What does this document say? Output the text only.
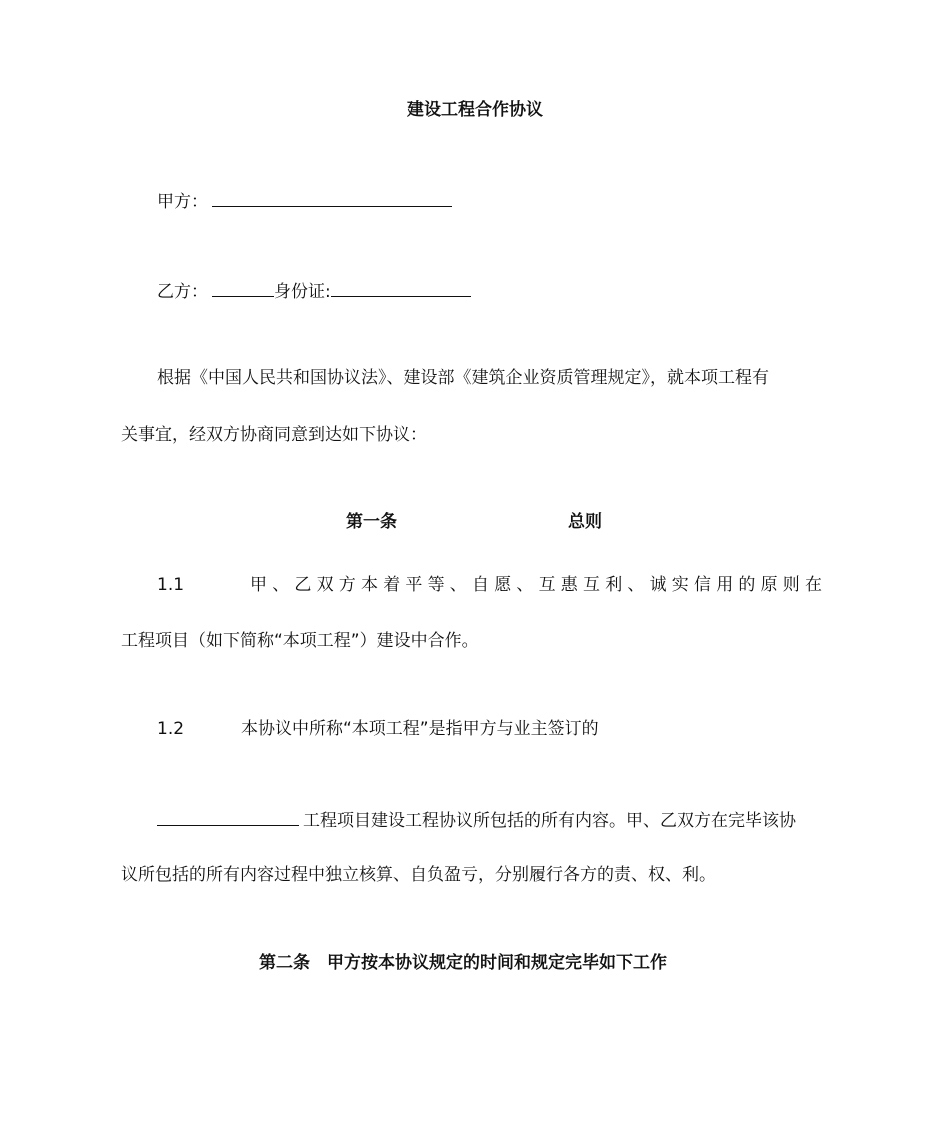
建设工程合作协议
甲方：
乙方：	身份证:
根据《中国人民共和国协议法》、建设部《建筑企业资质管理规定》，就本项工程有
关事宜，经双方协商同意到达如下协议：
第一条	总则
1.1	甲、乙双方本着平等、自愿、互惠互利、诚实信用的原则在
工程项目（如下简称“本项工程”）建设中合作。
1.2	本协议中所称“本项工程”是指甲方与业主签订的
工程项目建设工程协议所包括的所有内容。甲、乙双方在完毕该协
议所包括的所有内容过程中独立核算、自负盈亏，分别履行各方的责、权、利。
第二条　甲方按本协议规定的时间和规定完毕如下工作
